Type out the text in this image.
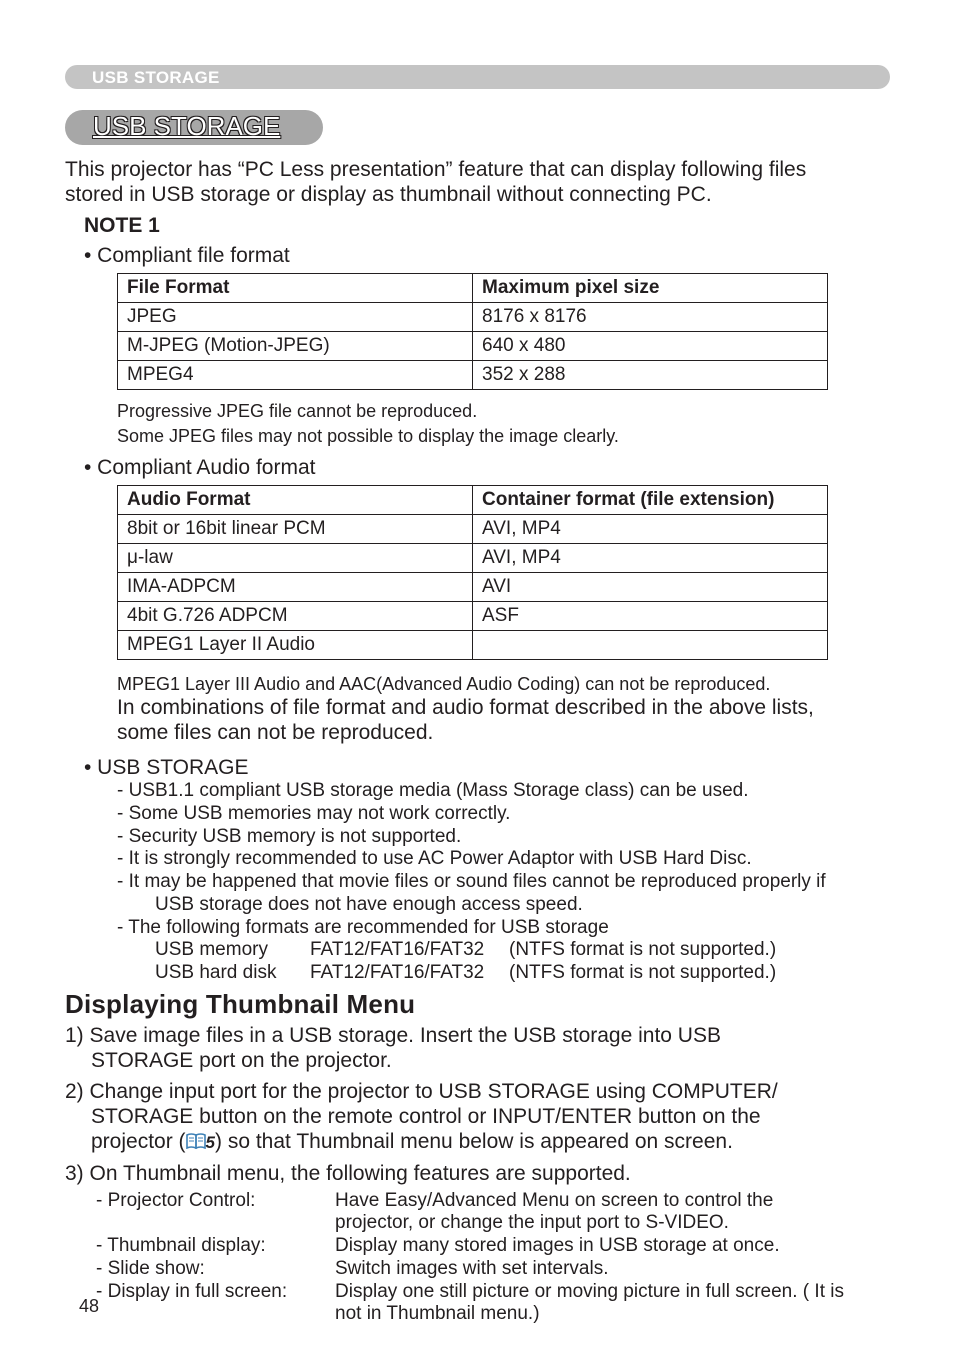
USB STORAGE
USB STORAGE
This projector has “PC Less presentation” feature that can display following files
stored in USB storage or display as thumbnail without connecting PC.
NOTE 1
• Compliant file format
File Format	Maximum pixel size
JPEG	8176 x 8176
M-JPEG (Motion-JPEG)	640 x 480
MPEG4	352 x 288
Progressive JPEG file cannot be reproduced.
Some JPEG files may not possible to display the image clearly.
• Compliant Audio format
Audio Format	Container format (file extension)
8bit or 16bit linear PCM	AVI, MP4
μ-law	AVI, MP4
IMA-ADPCM	AVI
4bit G.726 ADPCM	ASF
MPEG1 Layer II Audio	
MPEG1 Layer III Audio and AAC(Advanced Audio Coding) can not be reproduced.
In combinations of file format and audio format described in the above lists,
some files can not be reproduced.
• USB STORAGE
- USB1.1 compliant USB storage media (Mass Storage class) can be used.
- Some USB memories may not work correctly.
- Security USB memory is not supported.
- It is strongly recommended to use AC Power Adaptor with USB Hard Disc.
- It may be happened that movie files or sound files cannot be reproduced properly if
USB storage does not have enough access speed.
- The following formats are recommended for USB storage
USB memory FAT12/FAT16/FAT32 (NTFS format is not supported.)
USB hard disk FAT12/FAT16/FAT32 (NTFS format is not supported.)
Displaying Thumbnail Menu
1) Save image files in a USB storage. Insert the USB storage into USB
STORAGE port on the projector.
2) Change input port for the projector to USB STORAGE using COMPUTER/
STORAGE button on the remote control or INPUT/ENTER button on the
projector ( 5) so that Thumbnail menu below is appeared on screen.
3) On Thumbnail menu, the following features are supported.
- Projector Control:	Have Easy/Advanced Menu on screen to control the
projector, or change the input port to S-VIDEO.
- Thumbnail display:	Display many stored images in USB storage at once.
- Slide show:	Switch images with set intervals.
- Display in full screen:	Display one still picture or moving picture in full screen. ( It is
not in Thumbnail menu.)
48
